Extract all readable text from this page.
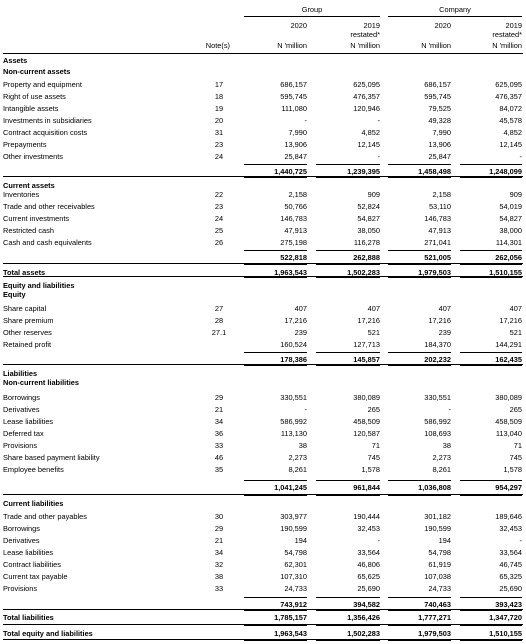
Group	Company
2020	2019
restated*
2020	2019
restated*
Note(s)	N 'million	N 'million	N 'million	N 'million
Assets
Non-current assets
Property and equipment	17	686,157	625,095	686,157	625,095
Right of use assets	18	595,745	476,357	595,745	476,357
Intangible assets	19	111,080	120,946	79,525	84,072
Investments in subsidiaries	20	-	-	49,328	45,578
Contract acquisition costs	31	7,990	4,852	7,990	4,852
Prepayments	23	13,906	12,145	13,906	12,145
Other investments	24	25,847	-	25,847	-
1,440,725	1,239,395	1,458,498	1,248,099
Current assets
Inventories	22	2,158	909	2,158	909
Trade and other receivables	23	50,766	52,824	53,110	54,019
Current investments	24	146,783	54,827	146,783	54,827
Restricted cash	25	47,913	38,050	47,913	38,000
Cash and cash equivalents	26	275,198	116,278	271,041	114,301
522,818	262,888	521,005	262,056
Total assets	1,963,543	1,502,283	1,979,503	1,510,155
Equity and liabilities
Equity
Share capital	27	407	407	407	407
Share premium	28	17,216	17,216	17,216	17,216
Other reserves	27.1	239	521	239	521
Retained profit	160,524	127,713	184,370	144,291
178,386	145,857	202,232	162,435
Liabilities
Non-current liabilities
Borrowings	29	330,551	380,089	330,551	380,089
Derivatives	21	-	265	-	265
Lease liabilities	34	586,992	458,509	586,992	458,509
Deferred tax	36	113,130	120,587	108,693	113,040
Provisions	33	38	71	38	71
Share based payment liability	46	2,273	745	2,273	745
Employee benefits	35	8,261	1,578	8,261	1,578
1,041,245	961,844	1,036,808	954,297
Current liabilities
Trade and other payables	30	303,977	190,444	301,182	189,646
Borrowings	29	190,599	32,453	190,599	32,453
Derivatives	21	194	-	194	-
Lease liabilities	34	54,798	33,564	54,798	33,564
Contract liabilities	32	62,301	46,806	61,919	46,745
Current tax payable	38	107,310	65,625	107,038	65,325
Provisions	33	24,733	25,690	24,733	25,690
743,912	394,582	740,463	393,423
Total liabilities	1,785,157	1,356,426	1,777,271	1,347,720
Total equity and liabilities	1,963,543	1,502,283	1,979,503	1,510,155
